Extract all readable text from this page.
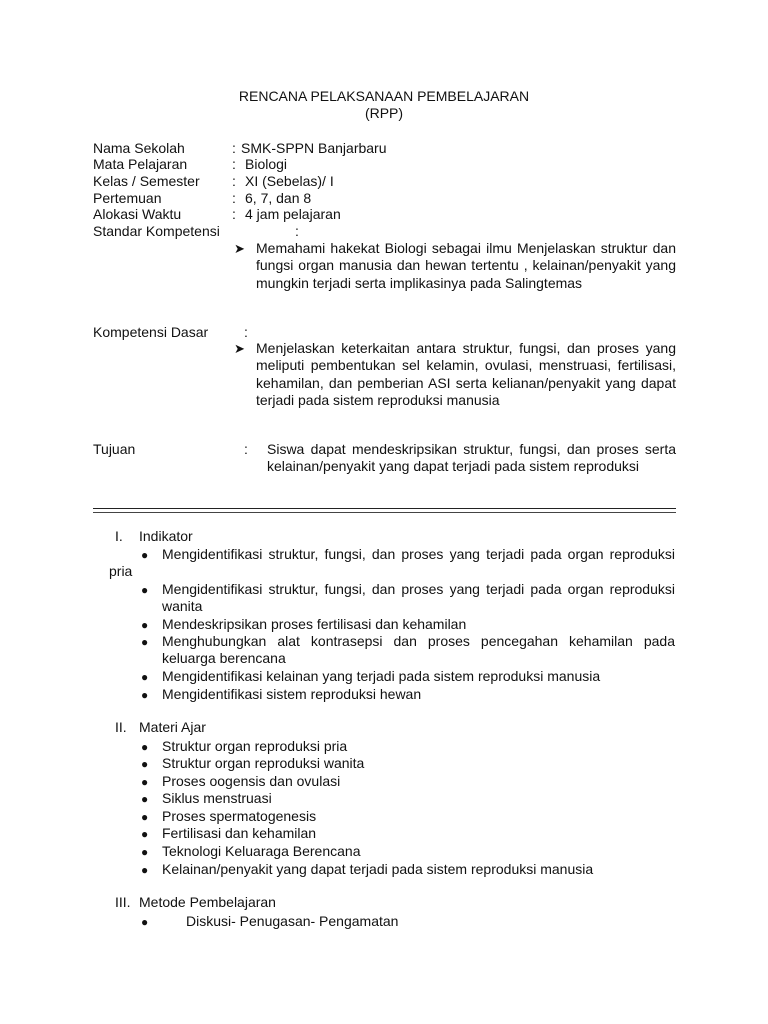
RENCANA PELAKSANAAN PEMBELAJARAN
(RPP)
Nama Sekolah	: SMK-SPPN Banjarbaru
Mata Pelajaran	: Biologi
Kelas / Semester : XI (Sebelas)/ I
Pertemuan	: 6, 7, dan 8
Alokasi Waktu	: 4 jam pelajaran
Standar Kompetensi	:
➤ Memahami hakekat Biologi sebagai ilmu Menjelaskan struktur dan fungsi organ manusia dan hewan tertentu , kelainan/penyakit yang mungkin terjadi serta implikasinya pada Salingtemas
Kompetensi Dasar	:
➤ Menjelaskan keterkaitan antara struktur, fungsi, dan proses yang meliputi pembentukan sel kelamin, ovulasi, menstruasi, fertilisasi, kehamilan, dan pemberian ASI serta kelianan/penyakit yang dapat terjadi pada sistem reproduksi manusia
Tujuan	: Siswa dapat mendeskripsikan struktur, fungsi, dan proses serta kelainan/penyakit yang dapat terjadi pada sistem reproduksi
I. Indikator
● Mengidentifikasi struktur, fungsi, dan proses yang terjadi pada organ reproduksi pria
● Mengidentifikasi struktur, fungsi, dan proses yang terjadi pada organ reproduksi wanita
● Mendeskripsikan proses fertilisasi dan kehamilan
● Menghubungkan alat kontrasepsi dan proses pencegahan kehamilan pada keluarga berencana
● Mengidentifikasi kelainan yang terjadi pada sistem reproduksi manusia
● Mengidentifikasi sistem reproduksi hewan
II. Materi Ajar
● Struktur organ reproduksi pria
● Struktur organ reproduksi wanita
● Proses oogensis dan ovulasi
● Siklus menstruasi
● Proses spermatogenesis
● Fertilisasi dan kehamilan
● Teknologi Keluaraga Berencana
● Kelainan/penyakit yang dapat terjadi pada sistem reproduksi manusia
III. Metode Pembelajaran
●	Diskusi- Penugasan- Pengamatan
